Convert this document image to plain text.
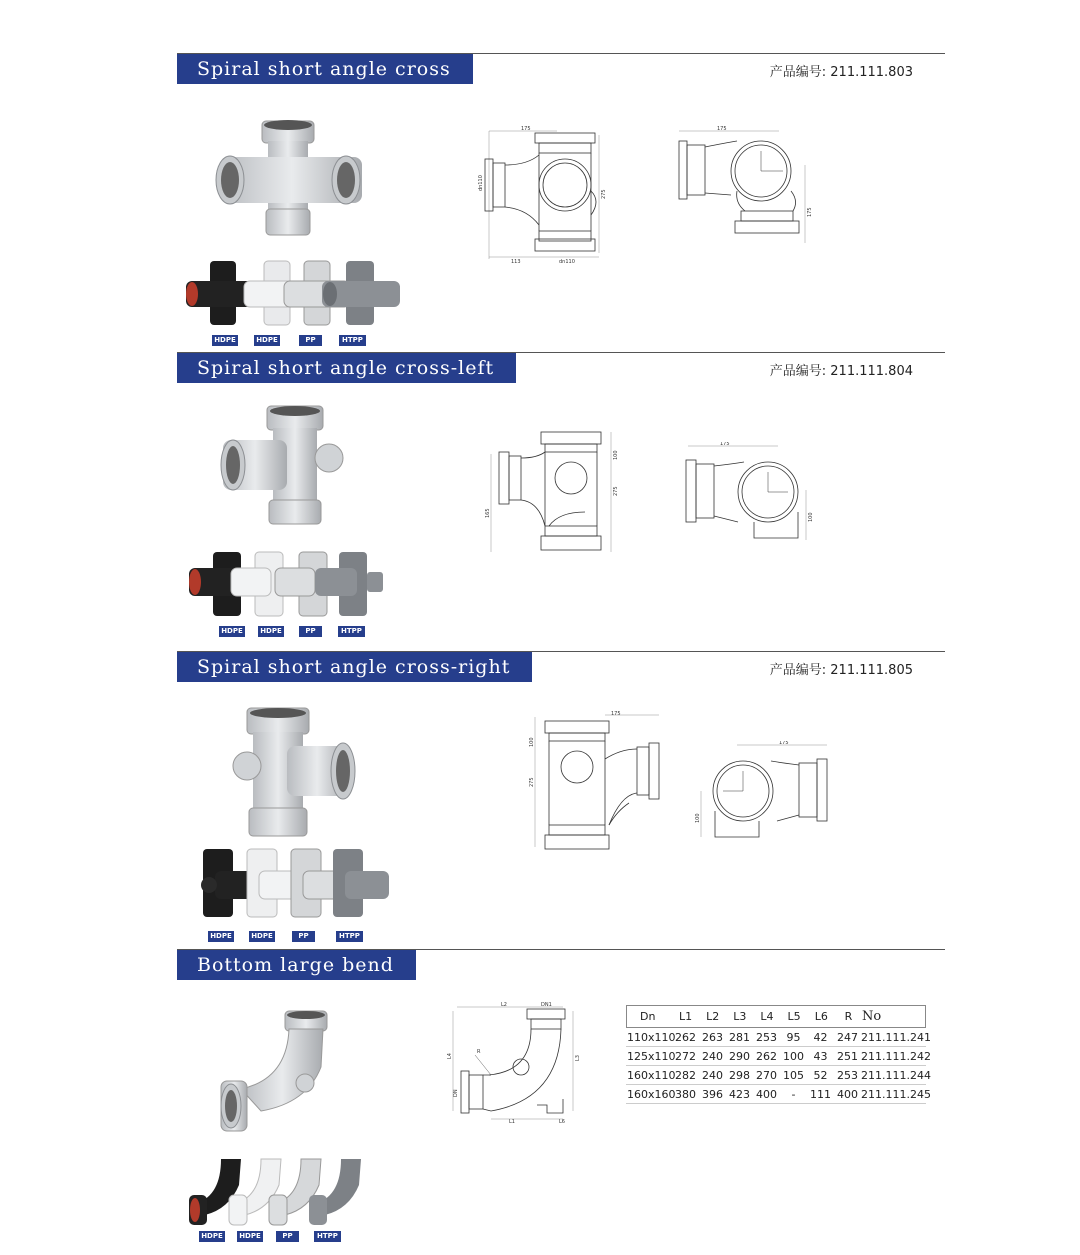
Spiral short angle cross	产品编号: 211.111.803
HDPE	HDPE	PP	HTPP
175
dn110
275
113	dn110
175
175
Spiral short angle cross-left	产品编号: 211.111.804
HDPE	HDPE	PP	HTPP
100
275
165
175
100
Spiral short angle cross-right	产品编号: 211.111.805
HDPE	HDPE	PP	HTPP
175
100
275
175
100
Bottom large bend
HDPE	HDPE	PP	HTPP
L2	DN1
L4
R
L3
DN
L1	L6
Dn	L1	L2	L3	L4	L5	L6	R No
110x110 262 263 281 253 95	42 247 211.111.241
125x110 272 240 290 262 100 43 251 211.111.242
160x110 282 240 298 270 105 52 253 211.111.244
160x160 380 396 423 400	-	111 400 211.111.245
